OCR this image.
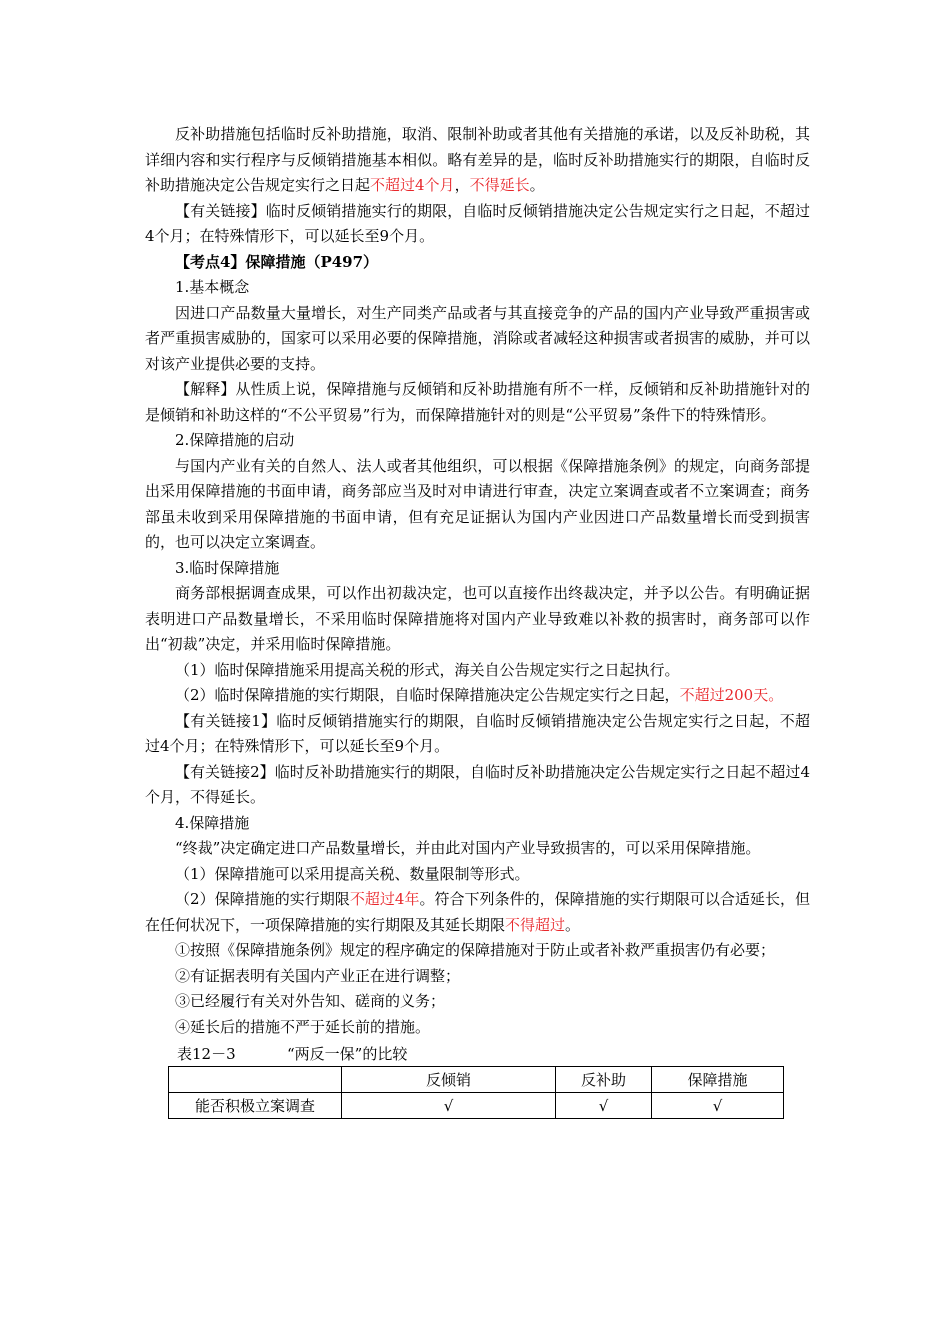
反补助措施包括临时反补助措施，取消、限制补助或者其他有关措施的承诺，以及反补助税，其详细内容和实行程序与反倾销措施基本相似。略有差异的是，临时反补助措施实行的期限，自临时反补助措施决定公告规定实行之日起不超过4个月，不得延长。

【有关链接】临时反倾销措施实行的期限，自临时反倾销措施决定公告规定实行之日起，不超过4个月；在特殊情形下，可以延长至9个月。

【考点4】保障措施（P497）

1.基本概念

因进口产品数量大量增长，对生产同类产品或者与其直接竞争的产品的国内产业导致严重损害或者严重损害威胁的，国家可以采用必要的保障措施，消除或者减轻这种损害或者损害的威胁，并可以对该产业提供必要的支持。

【解释】从性质上说，保障措施与反倾销和反补助措施有所不一样，反倾销和反补助措施针对的是倾销和补助这样的“不公平贸易”行为，而保障措施针对的则是“公平贸易”条件下的特殊情形。

2.保障措施的启动

与国内产业有关的自然人、法人或者其他组织，可以根据《保障措施条例》的规定，向商务部提出采用保障措施的书面申请，商务部应当及时对申请进行审查，决定立案调查或者不立案调查；商务部虽未收到采用保障措施的书面申请，但有充足证据认为国内产业因进口产品数量增长而受到损害的，也可以决定立案调查。

3.临时保障措施

商务部根据调查成果，可以作出初裁决定，也可以直接作出终裁决定，并予以公告。有明确证据表明进口产品数量增长，不采用临时保障措施将对国内产业导致难以补救的损害时，商务部可以作出“初裁”决定，并采用临时保障措施。

（1）临时保障措施采用提高关税的形式，海关自公告规定实行之日起执行。

（2）临时保障措施的实行期限，自临时保障措施决定公告规定实行之日起，不超过200天。

【有关链接1】临时反倾销措施实行的期限，自临时反倾销措施决定公告规定实行之日起，不超过4个月；在特殊情形下，可以延长至9个月。

【有关链接2】临时反补助措施实行的期限，自临时反补助措施决定公告规定实行之日起不超过4个月，不得延长。

4.保障措施

“终裁”决定确定进口产品数量增长，并由此对国内产业导致损害的，可以采用保障措施。

（1）保障措施可以采用提高关税、数量限制等形式。

（2）保障措施的实行期限不超过4年。符合下列条件的，保障措施的实行期限可以合适延长，但在任何状况下，一项保障措施的实行期限及其延长期限不得超过。

①按照《保障措施条例》规定的程序确定的保障措施对于防止或者补救严重损害仍有必要；

②有证据表明有关国内产业正在进行调整；

③已经履行有关对外告知、磋商的义务；

④延长后的措施不严于延长前的措施。

表12－3	“两反一保”的比较
	反倾销	反补助	保障措施
能否积极立案调查	√	√	√
